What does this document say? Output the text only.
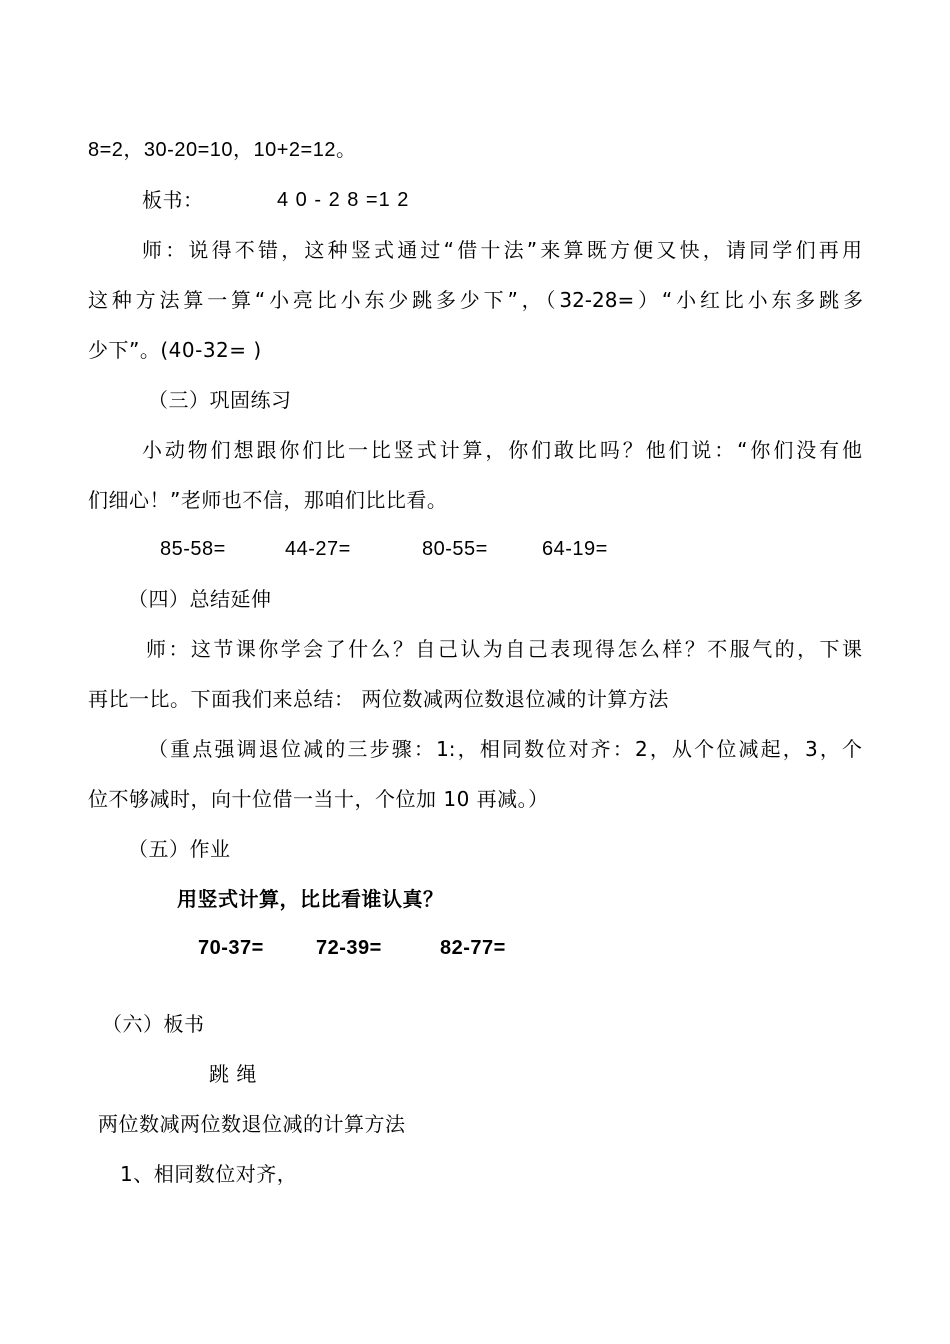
8=2，30-20=10，10+2=12。
板书：	4 0 - 2 8 =1 2
师：说得不错，这种竖式通过“借十法”来算既方便又快，请同学们再用
这种方法算一算“小亮比小东少跳多少下”，（32-28=）“小红比小东多跳多
少下”。(40-32= )
（三）巩固练习
小动物们想跟你们比一比竖式计算，你们敢比吗？他们说：“你们没有他
们细心！”老师也不信，那咱们比比看。
85-58=	44-27=	80-55=	64-19=
（四）总结延伸
师：这节课你学会了什么？自己认为自己表现得怎么样？不服气的，下课
再比一比。下面我们来总结： 两位数减两位数退位减的计算方法
（重点强调退位减的三步骤：1:，相同数位对齐：2，从个位减起，3，个
位不够减时，向十位借一当十，个位加 10 再减。）
（五）作业
用竖式计算，比比看谁认真？
70-37=	72-39=	82-77=
（六）板书
跳 绳
两位数减两位数退位减的计算方法
1、相同数位对齐，
